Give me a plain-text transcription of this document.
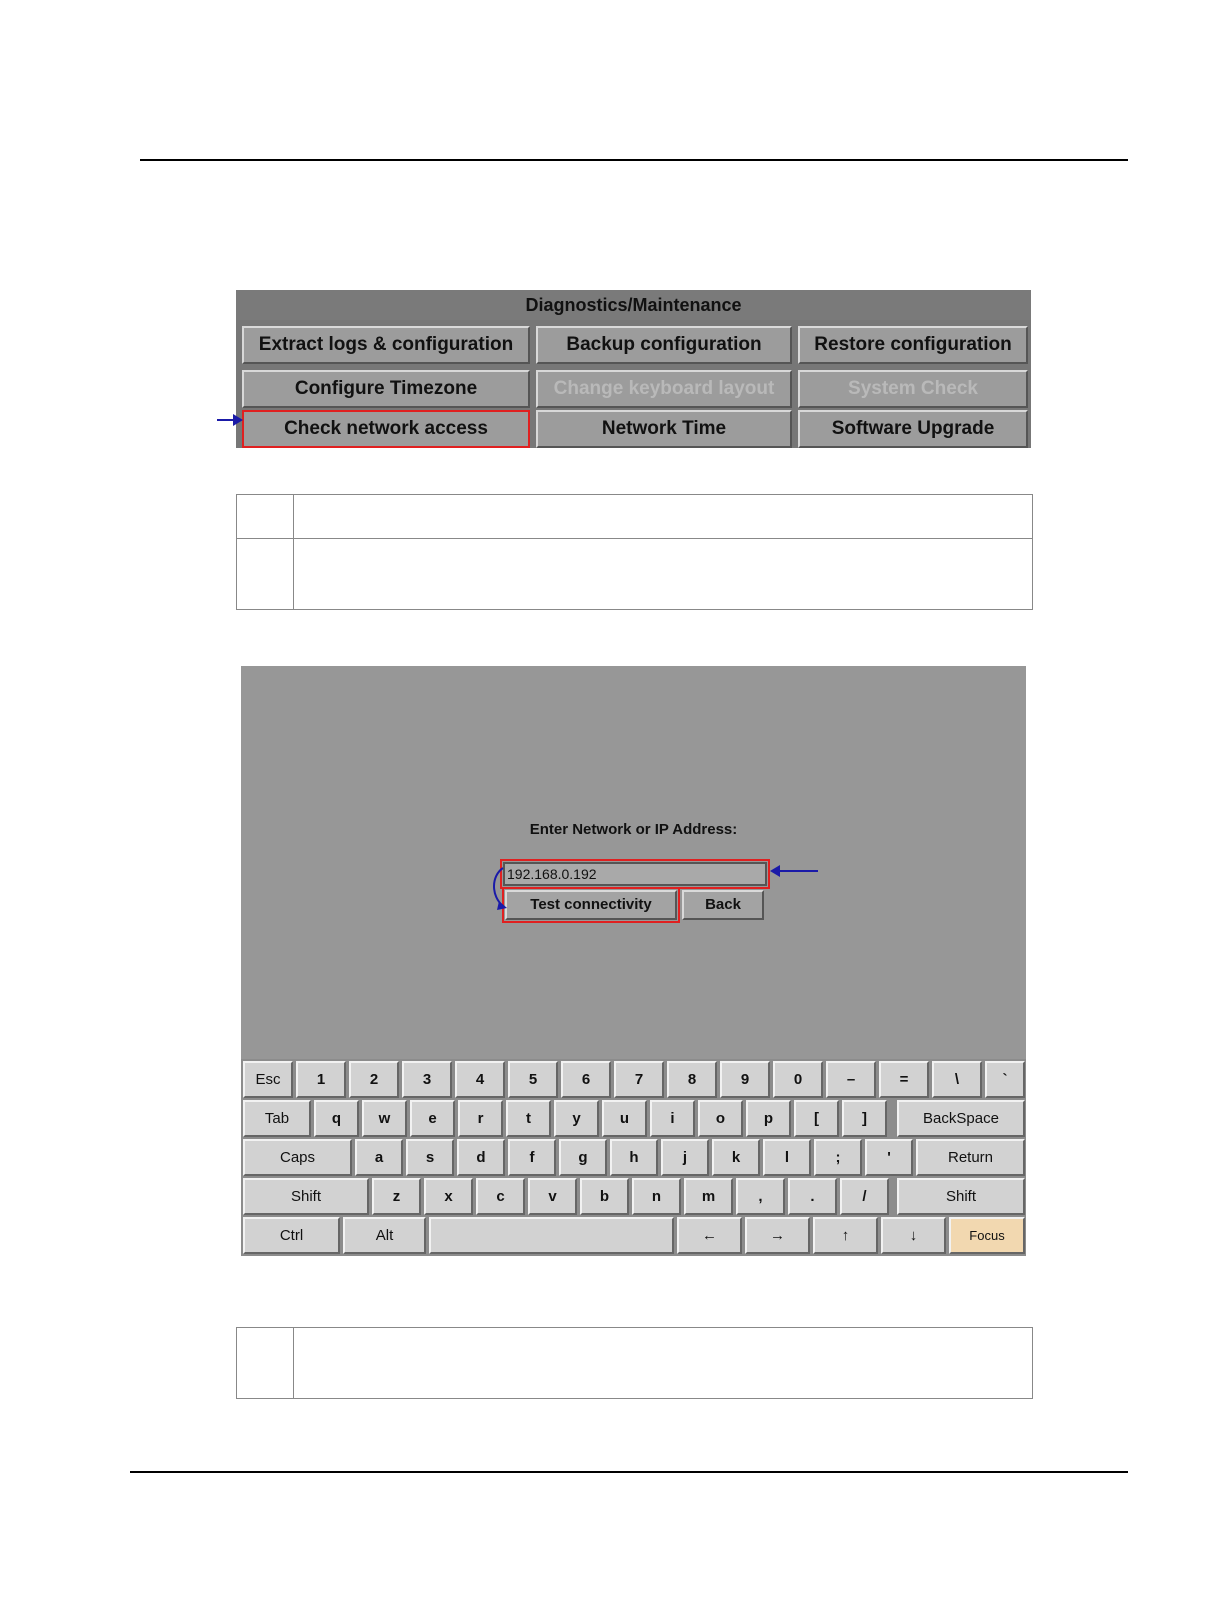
Diagnostics/Maintenance
Extract logs & configuration	Backup configuration	Restore configuration
Configure Timezone	Change keyboard layout	System Check
Check network access	Network Time	Software Upgrade
Enter Network or IP Address:
192.168.0.192
Test connectivity	Back
Esc	1	2	3	4	5	6	7	8	9	0	–	=	\	`
Tab	q	w	e	r	t	y	u	i	o	p	[	]	BackSpace
Caps	a	s	d	f	g	h	j	k	l	;	'	Return
Shift	z	x	c	v	b	n	m	,	.	/	Shift
Ctrl	Alt	←	→	↑	↓	Focus
